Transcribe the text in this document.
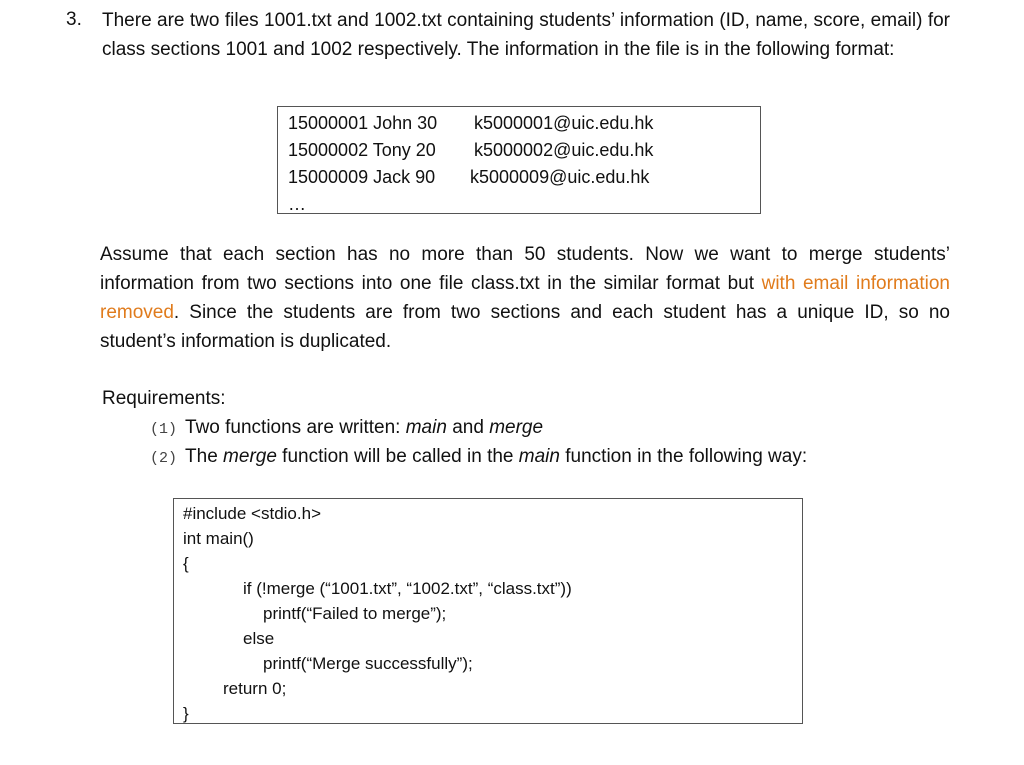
3. There are two files 1001.txt and 1002.txt containing students’ information (ID, name, score, email) for class sections 1001 and 1002 respectively. The information in the file is in the following format:

15000001 John 30	k5000001@uic.edu.hk
15000002 Tony 20	k5000002@uic.edu.hk
15000009 Jack 90	k5000009@uic.edu.hk
…

Assume that each section has no more than 50 students. Now we want to merge students’ information from two sections into one file class.txt in the similar format but with email information removed. Since the students are from two sections and each student has a unique ID, so no student’s information is duplicated.

Requirements:
(1) Two functions are written: main and merge
(2) The merge function will be called in the main function in the following way:
#include <stdio.h>
int main()
{
if (!merge (“1001.txt”, “1002.txt”, “class.txt”))
printf(“Failed to merge”);
else
printf(“Merge successfully”);
return 0;
}
